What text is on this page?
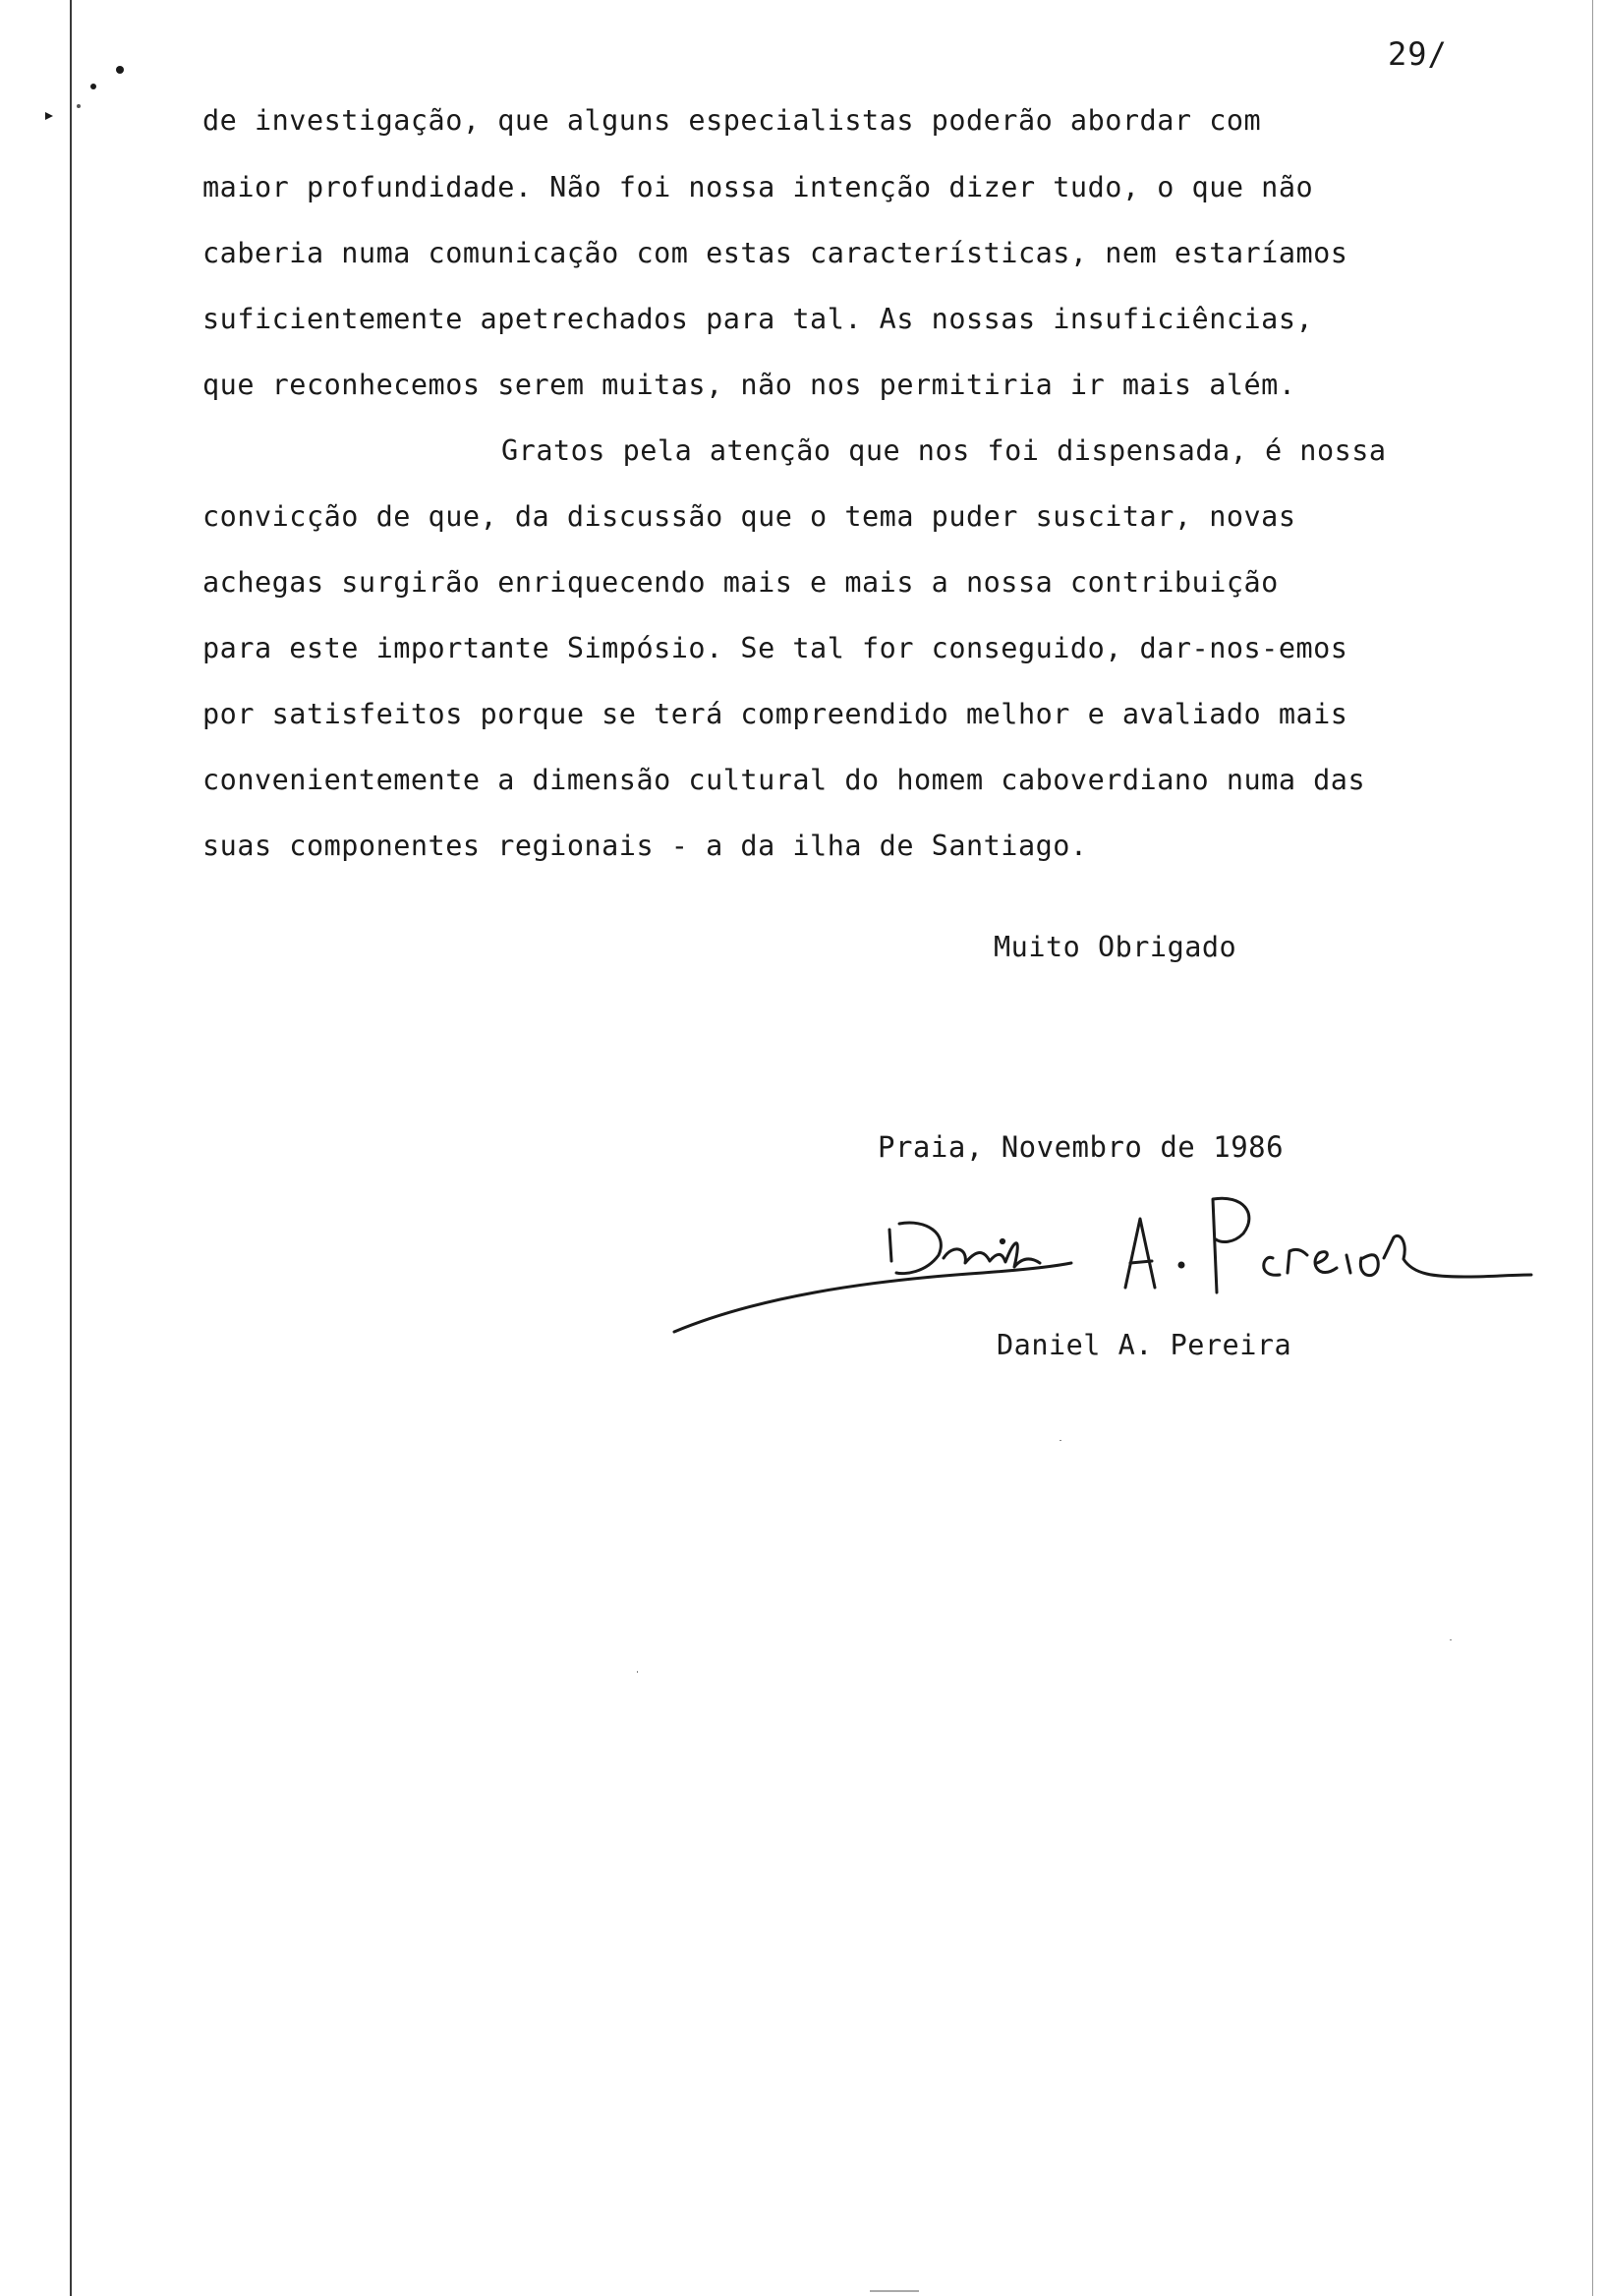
29/
de investigação, que alguns especialistas poderão abordar com
maior profundidade. Não foi nossa intenção dizer tudo, o que não
caberia numa comunicação com estas características, nem estaríamos
suficientemente apetrechados para tal. As nossas insuficiências,
que reconhecemos serem muitas, não nos permitiria ir mais além.
Gratos pela atenção que nos foi dispensada, é nossa
convicção de que, da discussão que o tema puder suscitar, novas
achegas surgirão enriquecendo mais e mais a nossa contribuição
para este importante Simpósio. Se tal for conseguido, dar-nos-emos
por satisfeitos porque se terá compreendido melhor e avaliado mais
convenientemente a dimensão cultural do homem caboverdiano numa das
suas componentes regionais - a da ilha de Santiago.
Muito Obrigado
Praia, Novembro de 1986
Daniel A. Pereira
